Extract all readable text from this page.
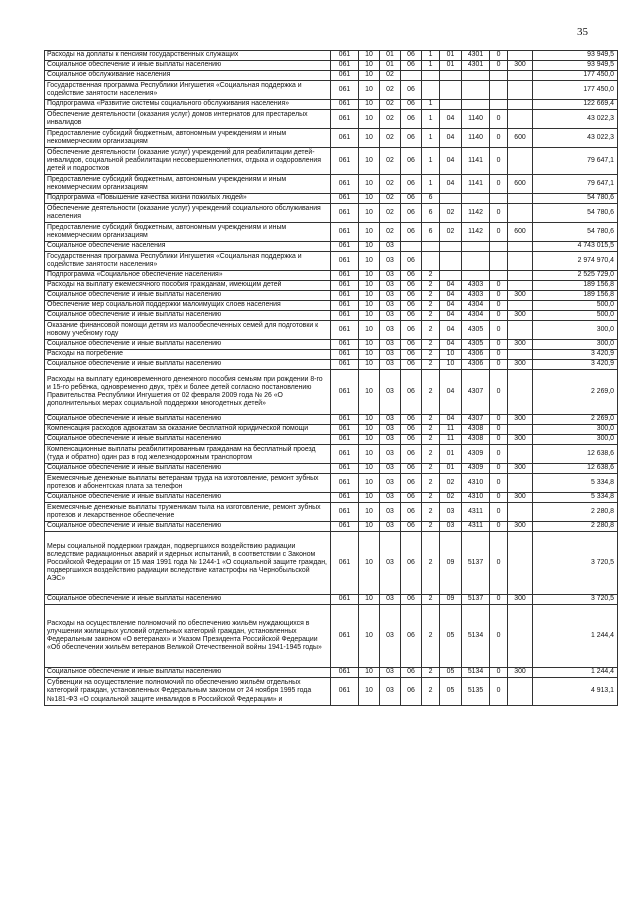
35
Расходы на доплаты к пенсиям государственных служащих	061	10	01	06	1	01	4301	0		93 949,5
Социальное обеспечение и иные выплаты населению	061	10	01	06	1	01	4301	0	300	93 949,5
Социальное обслуживание населения	061	10	02							177 450,0
Государственная программа Республики Ингушетия «Социальная поддержка и содействие занятости населения»	061	10	02	06						177 450,0
Подпрограмма «Развитие системы социального обслуживания населения»	061	10	02	06	1					122 669,4
Обеспечение деятельности (оказания услуг) домов интернатов для престарелых инвалидов	061	10	02	06	1	04	1140	0		43 022,3
Предоставление субсидий бюджетным, автономным учреждениям и иным некоммерческим организациям	061	10	02	06	1	04	1140	0	600	43 022,3
Обеспечение деятельности (оказание услуг) учреждений для реабилитации детей-инвалидов, социальной реабилитации несовершеннолетних, отдыха и оздоровления детей и подростков	061	10	02	06	1	04	1141	0		79 647,1
Предоставление субсидий бюджетным, автономным учреждениям и иным некоммерческим организациям	061	10	02	06	1	04	1141	0	600	79 647,1
Подпрограмма «Повышение качества жизни пожилых людей»	061	10	02	06	6					54 780,6
Обеспечение деятельности (оказание услуг) учреждений социального обслуживания населения	061	10	02	06	6	02	1142	0		54 780,6
Предоставление субсидий бюджетным, автономным учреждениям и иным некоммерческим организациям	061	10	02	06	6	02	1142	0	600	54 780,6
Социальное обеспечение населения	061	10	03							4 743 015,5
Государственная программа Республики Ингушетия «Социальная поддержка и содействие занятости населения»	061	10	03	06						2 974 970,4
Подпрограмма «Социальное обеспечение населения»	061	10	03	06	2					2 525 729,0
Расходы на выплату ежемесячного пособия гражданам, имеющим детей	061	10	03	06	2	04	4303	0		189 156,8
Социальное обеспечение и иные выплаты населению	061	10	03	06	2	04	4303	0	300	189 156,8
Обеспечение мер социальной поддержки малоимущих слоев населения	061	10	03	06	2	04	4304	0		500,0
Социальное обеспечение и иные выплаты населению	061	10	03	06	2	04	4304	0	300	500,0
Оказание финансовой помощи детям из малообеспеченных семей для подготовки к новому учебному году	061	10	03	06	2	04	4305	0		300,0
Социальное обеспечение и иные выплаты населению	061	10	03	06	2	04	4305	0	300	300,0
Расходы на погребение	061	10	03	06	2	10	4306	0		3 420,9
Социальное обеспечение и иные выплаты населению	061	10	03	06	2	10	4306	0	300	3 420,9
Расходы на выплату единовременного денежного пособия семьям при рождении 8-го и 15-го ребёнка, одновременно двух, трёх и более детей согласно постановлению Правительства Республики Ингушетия от 02 февраля 2009 года № 26 «О дополнительных мерах социальной поддержки многодетных детей»	061	10	03	06	2	04	4307	0		2 269,0
Социальное обеспечение и иные выплаты населению	061	10	03	06	2	04	4307	0	300	2 269,0
Компенсация расходов адвокатам за оказание бесплатной юридической помощи	061	10	03	06	2	11	4308	0		300,0
Социальное обеспечение и иные выплаты населению	061	10	03	06	2	11	4308	0	300	300,0
Компенсационные выплаты реабилитированным гражданам на бесплатный проезд (туда и обратно) один раз в год железнодорожным транспортом	061	10	03	06	2	01	4309	0		12 638,6
Социальное обеспечение и иные выплаты населению	061	10	03	06	2	01	4309	0	300	12 638,6
Ежемесячные денежные выплаты ветеранам труда на изготовление, ремонт зубных протезов и абонентская плата за телефон	061	10	03	06	2	02	4310	0		5 334,8
Социальное обеспечение и иные выплаты населению	061	10	03	06	2	02	4310	0	300	5 334,8
Ежемесячные денежные выплаты труженикам тыла на изготовление, ремонт зубных протезов и лекарственное обеспечение	061	10	03	06	2	03	4311	0		2 280,8
Социальное обеспечение и иные выплаты населению	061	10	03	06	2	03	4311	0	300	2 280,8
Меры социальной поддержки граждан, подвергшихся воздействию радиации вследствие радиационных аварий и ядерных испытаний, в соответствии с Законом Российской Федерации от 15 мая 1991 года № 1244-1 «О социальной защите граждан, подвергшихся воздействию радиации вследствие катастрофы на Чернобыльской АЭС»	061	10	03	06	2	09	5137	0		3 720,5
Социальное обеспечение и иные выплаты населению	061	10	03	06	2	09	5137	0	300	3 720,5
Расходы на осуществление полномочий по обеспечению жильём нуждающихся в улучшении жилищных условий отдельных категорий граждан, установленных Федеральным законом «О ветеранах» и Указом Президента Российской Федерации «Об обеспечении жильём ветеранов Великой Отечественной войны 1941-1945 годы»	061	10	03	06	2	05	5134	0		1 244,4
Социальное обеспечение и иные выплаты населению	061	10	03	06	2	05	5134	0	300	1 244,4
Субвенции на осуществление полномочий по обеспечению жильём отдельных категорий граждан, установленных Федеральным законом от 24 ноября 1995 года №181-ФЗ «О социальной защите инвалидов в Российской Федерации» и	061	10	03	06	2	05	5135	0		4 913,1
